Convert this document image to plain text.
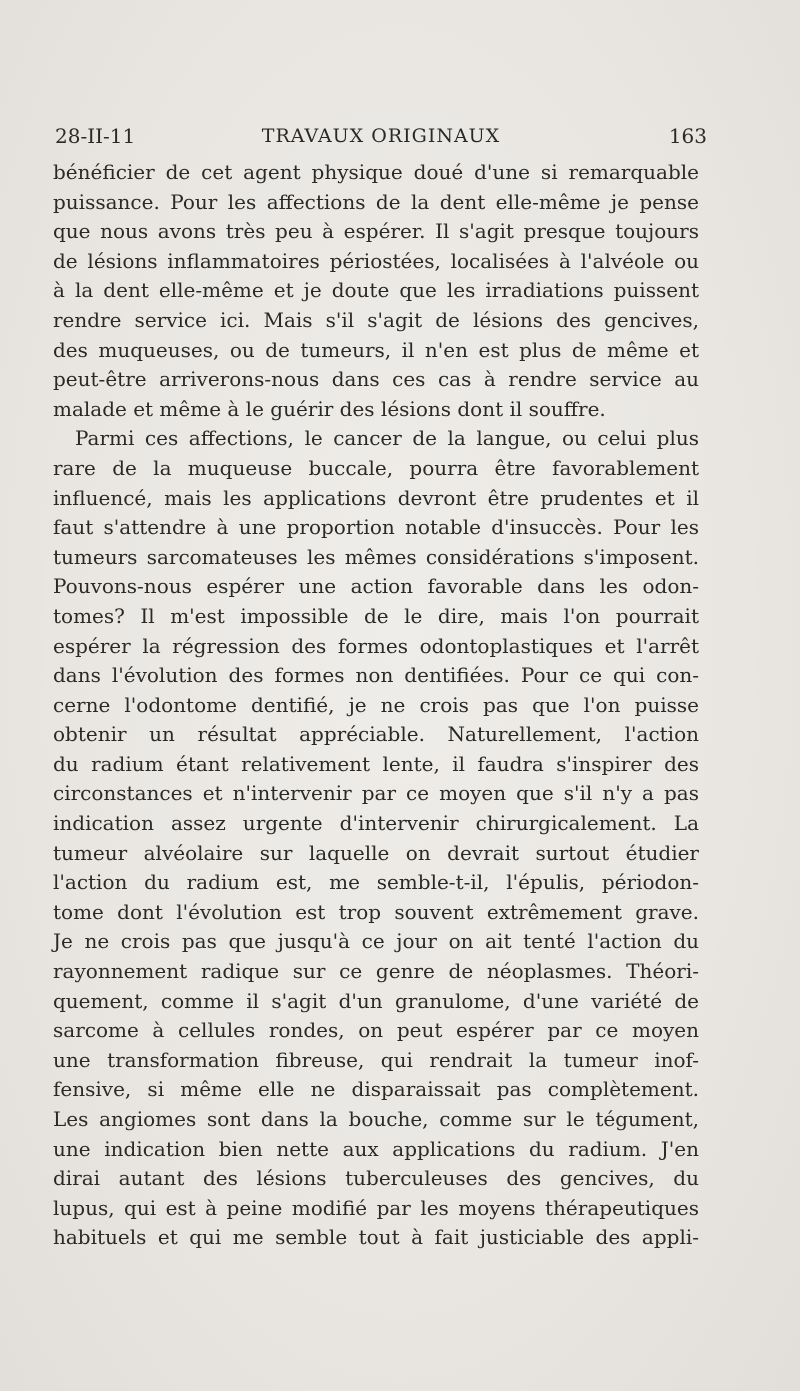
28-II-11	TRAVAUX ORIGINAUX	163
bénéficier de cet agent physique doué d'une si remarquable
puissance. Pour les affections de la dent elle-même je pense
que nous avons très peu à espérer. Il s'agit presque toujours
de lésions inflammatoires périostées, localisées à l'alvéole ou
à la dent elle-même et je doute que les irradiations puissent
rendre service ici. Mais s'il s'agit de lésions des gencives,
des muqueuses, ou de tumeurs, il n'en est plus de même et
peut-être arriverons-nous dans ces cas à rendre service au
malade et même à le guérir des lésions dont il souffre.
Parmi ces affections, le cancer de la langue, ou celui plus
rare de la muqueuse buccale, pourra être favorablement
influencé, mais les applications devront être prudentes et il
faut s'attendre à une proportion notable d'insuccès. Pour les
tumeurs sarcomateuses les mêmes considérations s'imposent.
Pouvons-nous espérer une action favorable dans les odon-
tomes? Il m'est impossible de le dire, mais l'on pourrait
espérer la régression des formes odontoplastiques et l'arrêt
dans l'évolution des formes non dentifiées. Pour ce qui con-
cerne l'odontome dentifié, je ne crois pas que l'on puisse
obtenir un résultat appréciable. Naturellement, l'action
du radium étant relativement lente, il faudra s'inspirer des
circonstances et n'intervenir par ce moyen que s'il n'y a pas
indication assez urgente d'intervenir chirurgicalement. La
tumeur alvéolaire sur laquelle on devrait surtout étudier
l'action du radium est, me semble-t-il, l'épulis, périodon-
tome dont l'évolution est trop souvent extrêmement grave.
Je ne crois pas que jusqu'à ce jour on ait tenté l'action du
rayonnement radique sur ce genre de néoplasmes. Théori-
quement, comme il s'agit d'un granulome, d'une variété de
sarcome à cellules rondes, on peut espérer par ce moyen
une transformation fibreuse, qui rendrait la tumeur inof-
fensive, si même elle ne disparaissait pas complètement.
Les angiomes sont dans la bouche, comme sur le tégument,
une indication bien nette aux applications du radium. J'en
dirai autant des lésions tuberculeuses des gencives, du
lupus, qui est à peine modifié par les moyens thérapeutiques
habituels et qui me semble tout à fait justiciable des appli-
